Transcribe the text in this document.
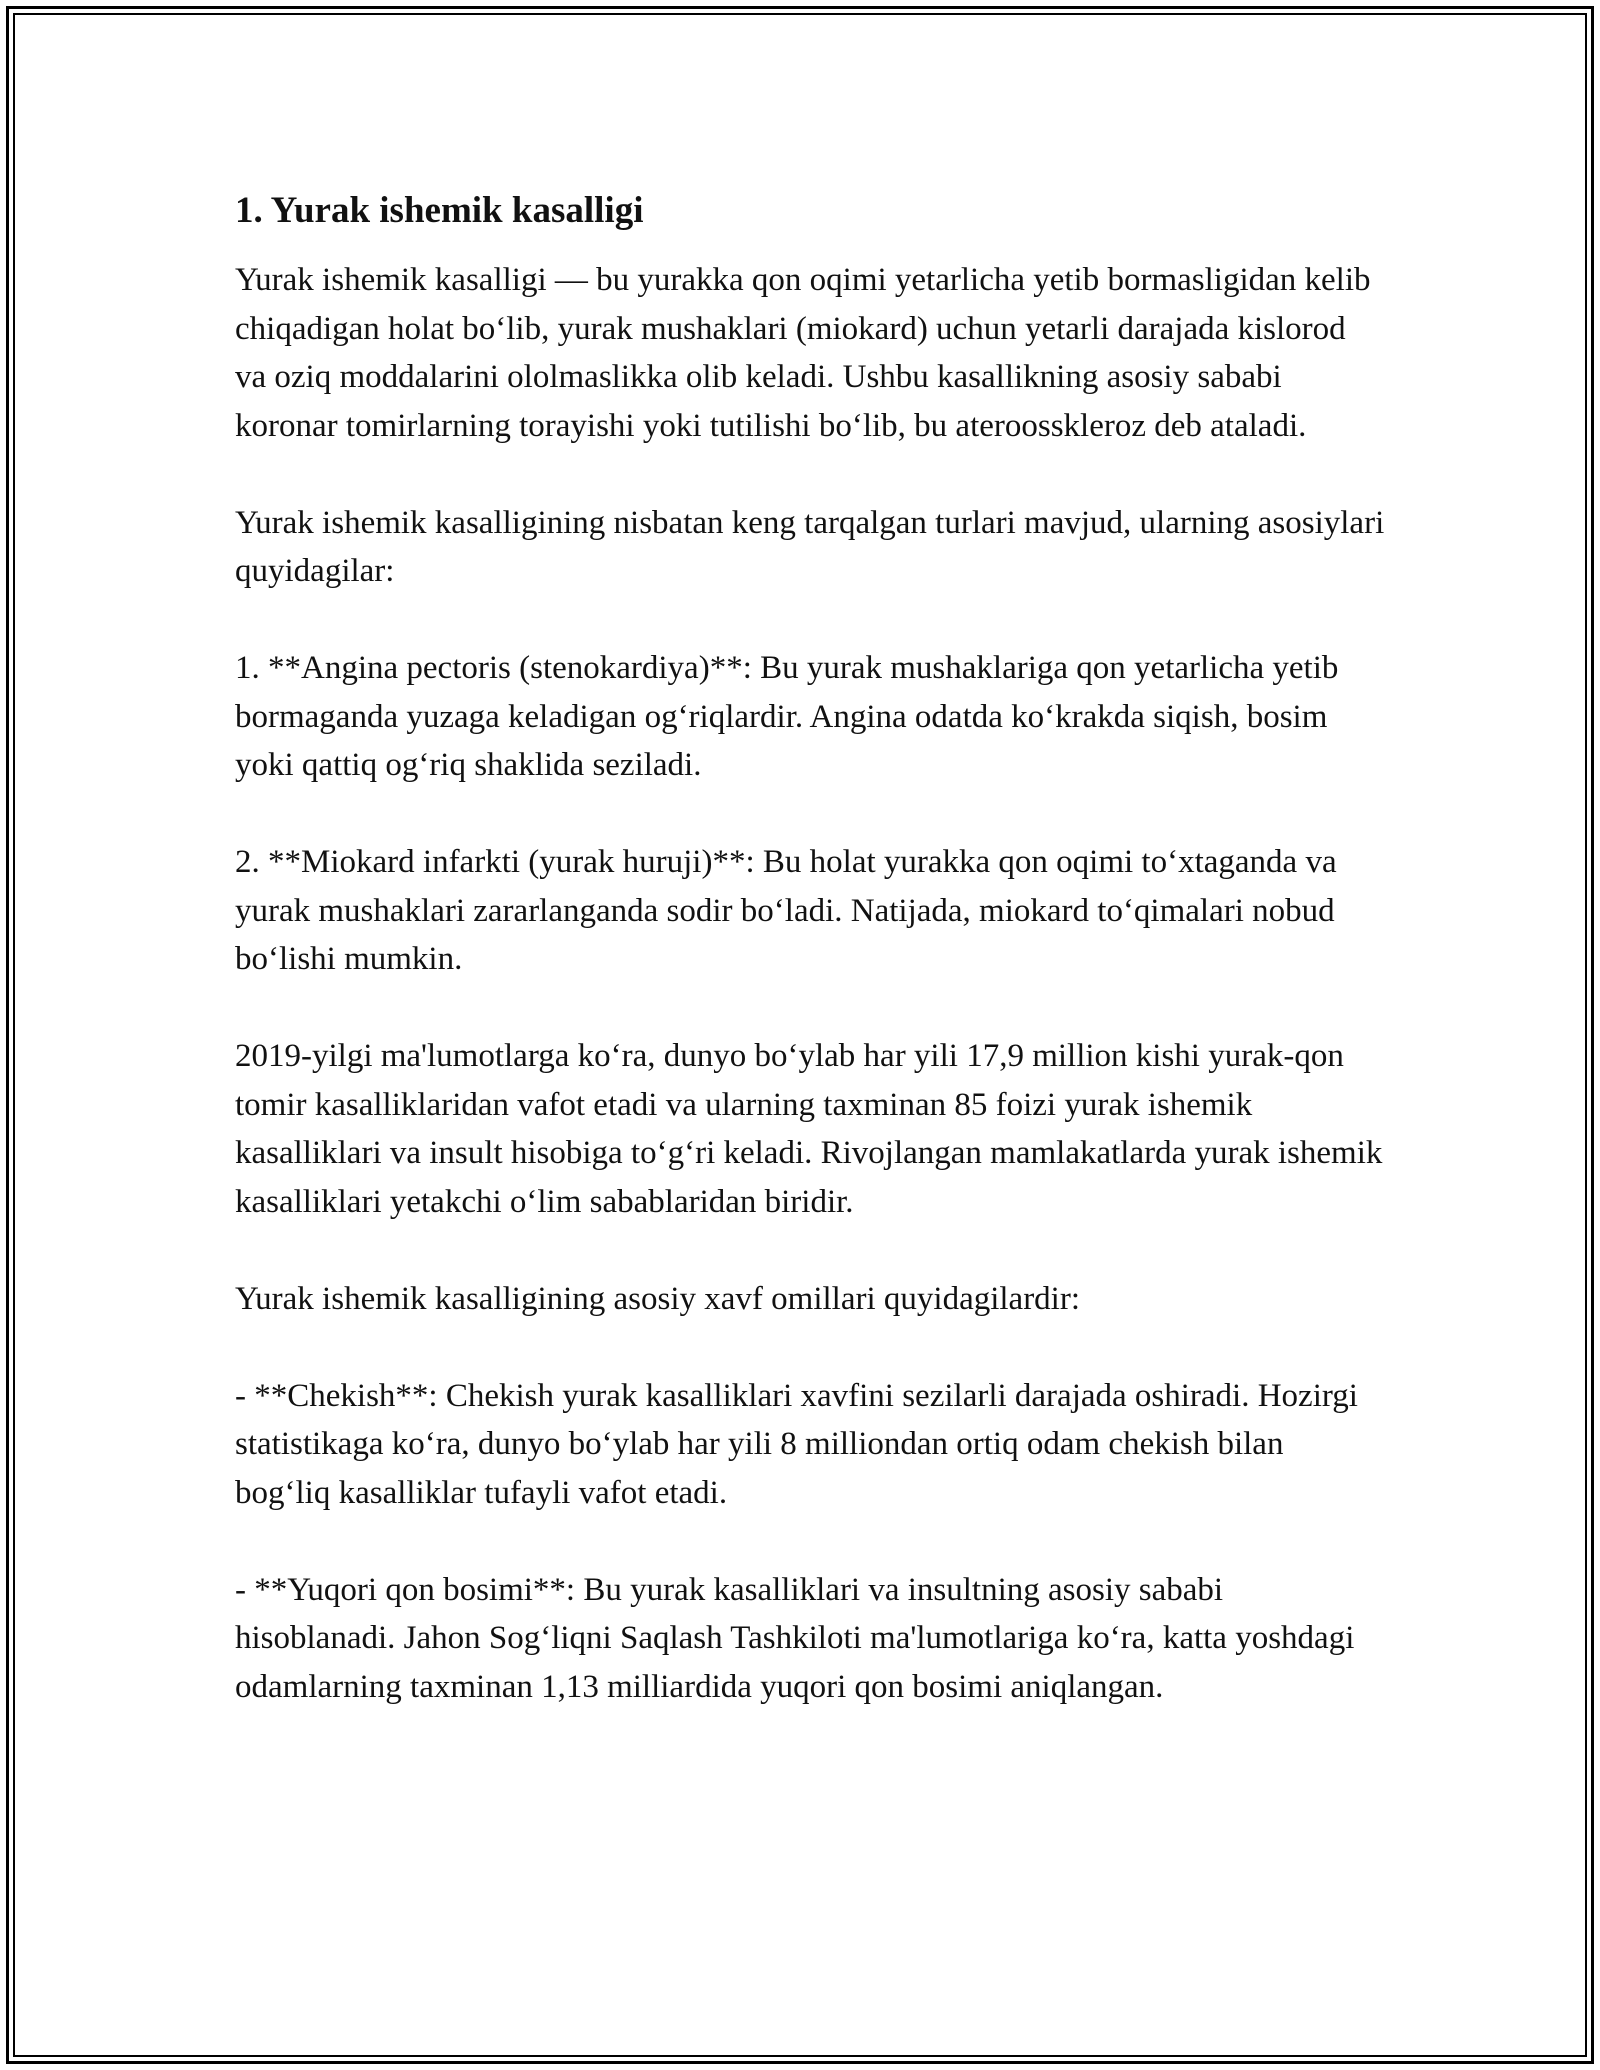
1. Yurak ishemik kasalligi

Yurak ishemik kasalligi — bu yurakka qon oqimi yetarlicha yetib bormasligidan kelib chiqadigan holat bo‘lib, yurak mushaklari (miokard) uchun yetarli darajada kislorod va oziq moddalarini ololmaslikka olib keladi. Ushbu kasallikning asosiy sababi koronar tomirlarning torayishi yoki tutilishi bo‘lib, bu ateroosskleroz deb ataladi.

Yurak ishemik kasalligining nisbatan keng tarqalgan turlari mavjud, ularning asosiylari quyidagilar:

1. **Angina pectoris (stenokardiya)**: Bu yurak mushaklariga qon yetarlicha yetib bormaganda yuzaga keladigan og‘riqlardir. Angina odatda ko‘krakda siqish, bosim yoki qattiq og‘riq shaklida seziladi.

2. **Miokard infarkti (yurak huruji)**: Bu holat yurakka qon oqimi to‘xtaganda va yurak mushaklari zararlanganda sodir bo‘ladi. Natijada, miokard to‘qimalari nobud bo‘lishi mumkin.

2019-yilgi ma'lumotlarga ko‘ra, dunyo bo‘ylab har yili 17,9 million kishi yurak-qon tomir kasalliklaridan vafot etadi va ularning taxminan 85 foizi yurak ishemik kasalliklari va insult hisobiga to‘g‘ri keladi. Rivojlangan mamlakatlarda yurak ishemik kasalliklari yetakchi o‘lim sabablaridan biridir.

Yurak ishemik kasalligining asosiy xavf omillari quyidagilardir:

- **Chekish**: Chekish yurak kasalliklari xavfini sezilarli darajada oshiradi. Hozirgi statistikaga ko‘ra, dunyo bo‘ylab har yili 8 milliondan ortiq odam chekish bilan bog‘liq kasalliklar tufayli vafot etadi.

- **Yuqori qon bosimi**: Bu yurak kasalliklari va insultning asosiy sababi hisoblanadi. Jahon Sog‘liqni Saqlash Tashkiloti ma'lumotlariga ko‘ra, katta yoshdagi odamlarning taxminan 1,13 milliardida yuqori qon bosimi aniqlangan.
